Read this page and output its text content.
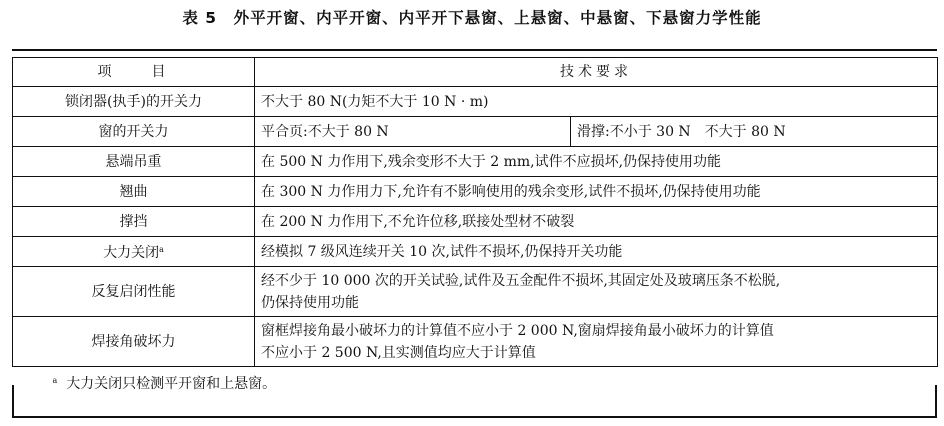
表 5　外平开窗、内平开窗、内平开下悬窗、上悬窗、中悬窗、下悬窗力学性能
项　　目	技术要求	
锁闭器(执手)的开关力	不大于 80 N(力矩不大于 10 N · m)	
窗的开关力	平合页:不大于 80 N	滑撑:不小于 30 N　不大于 80 N
悬端吊重	在 500 N 力作用下,残余变形不大于 2 mm,试件不应损坏,仍保持使用功能	
翘曲	在 300 N 力作用力下,允许有不影响使用的残余变形,试件不损坏,仍保持使用功能	
撑挡	在 200 N 力作用下,不允许位移,联接处型材不破裂	
大力关闭$^a$	经模拟 7 级风连续开关 10 次,试件不损坏,仍保持开关功能	
反复启闭性能	经不少于 10 000 次的开关试验,试件及五金配件不损坏,其固定处及玻璃压条不松脱,
仍保持使用功能	
焊接角破坏力	窗框焊接角最小破坏力的计算值不应小于 2 000 N,窗扇焊接角最小破坏力的计算值
不应小于 2 500 N,且实测值均应大于计算值	
$^a$ 大力关闭只检测平开窗和上悬窗。		
